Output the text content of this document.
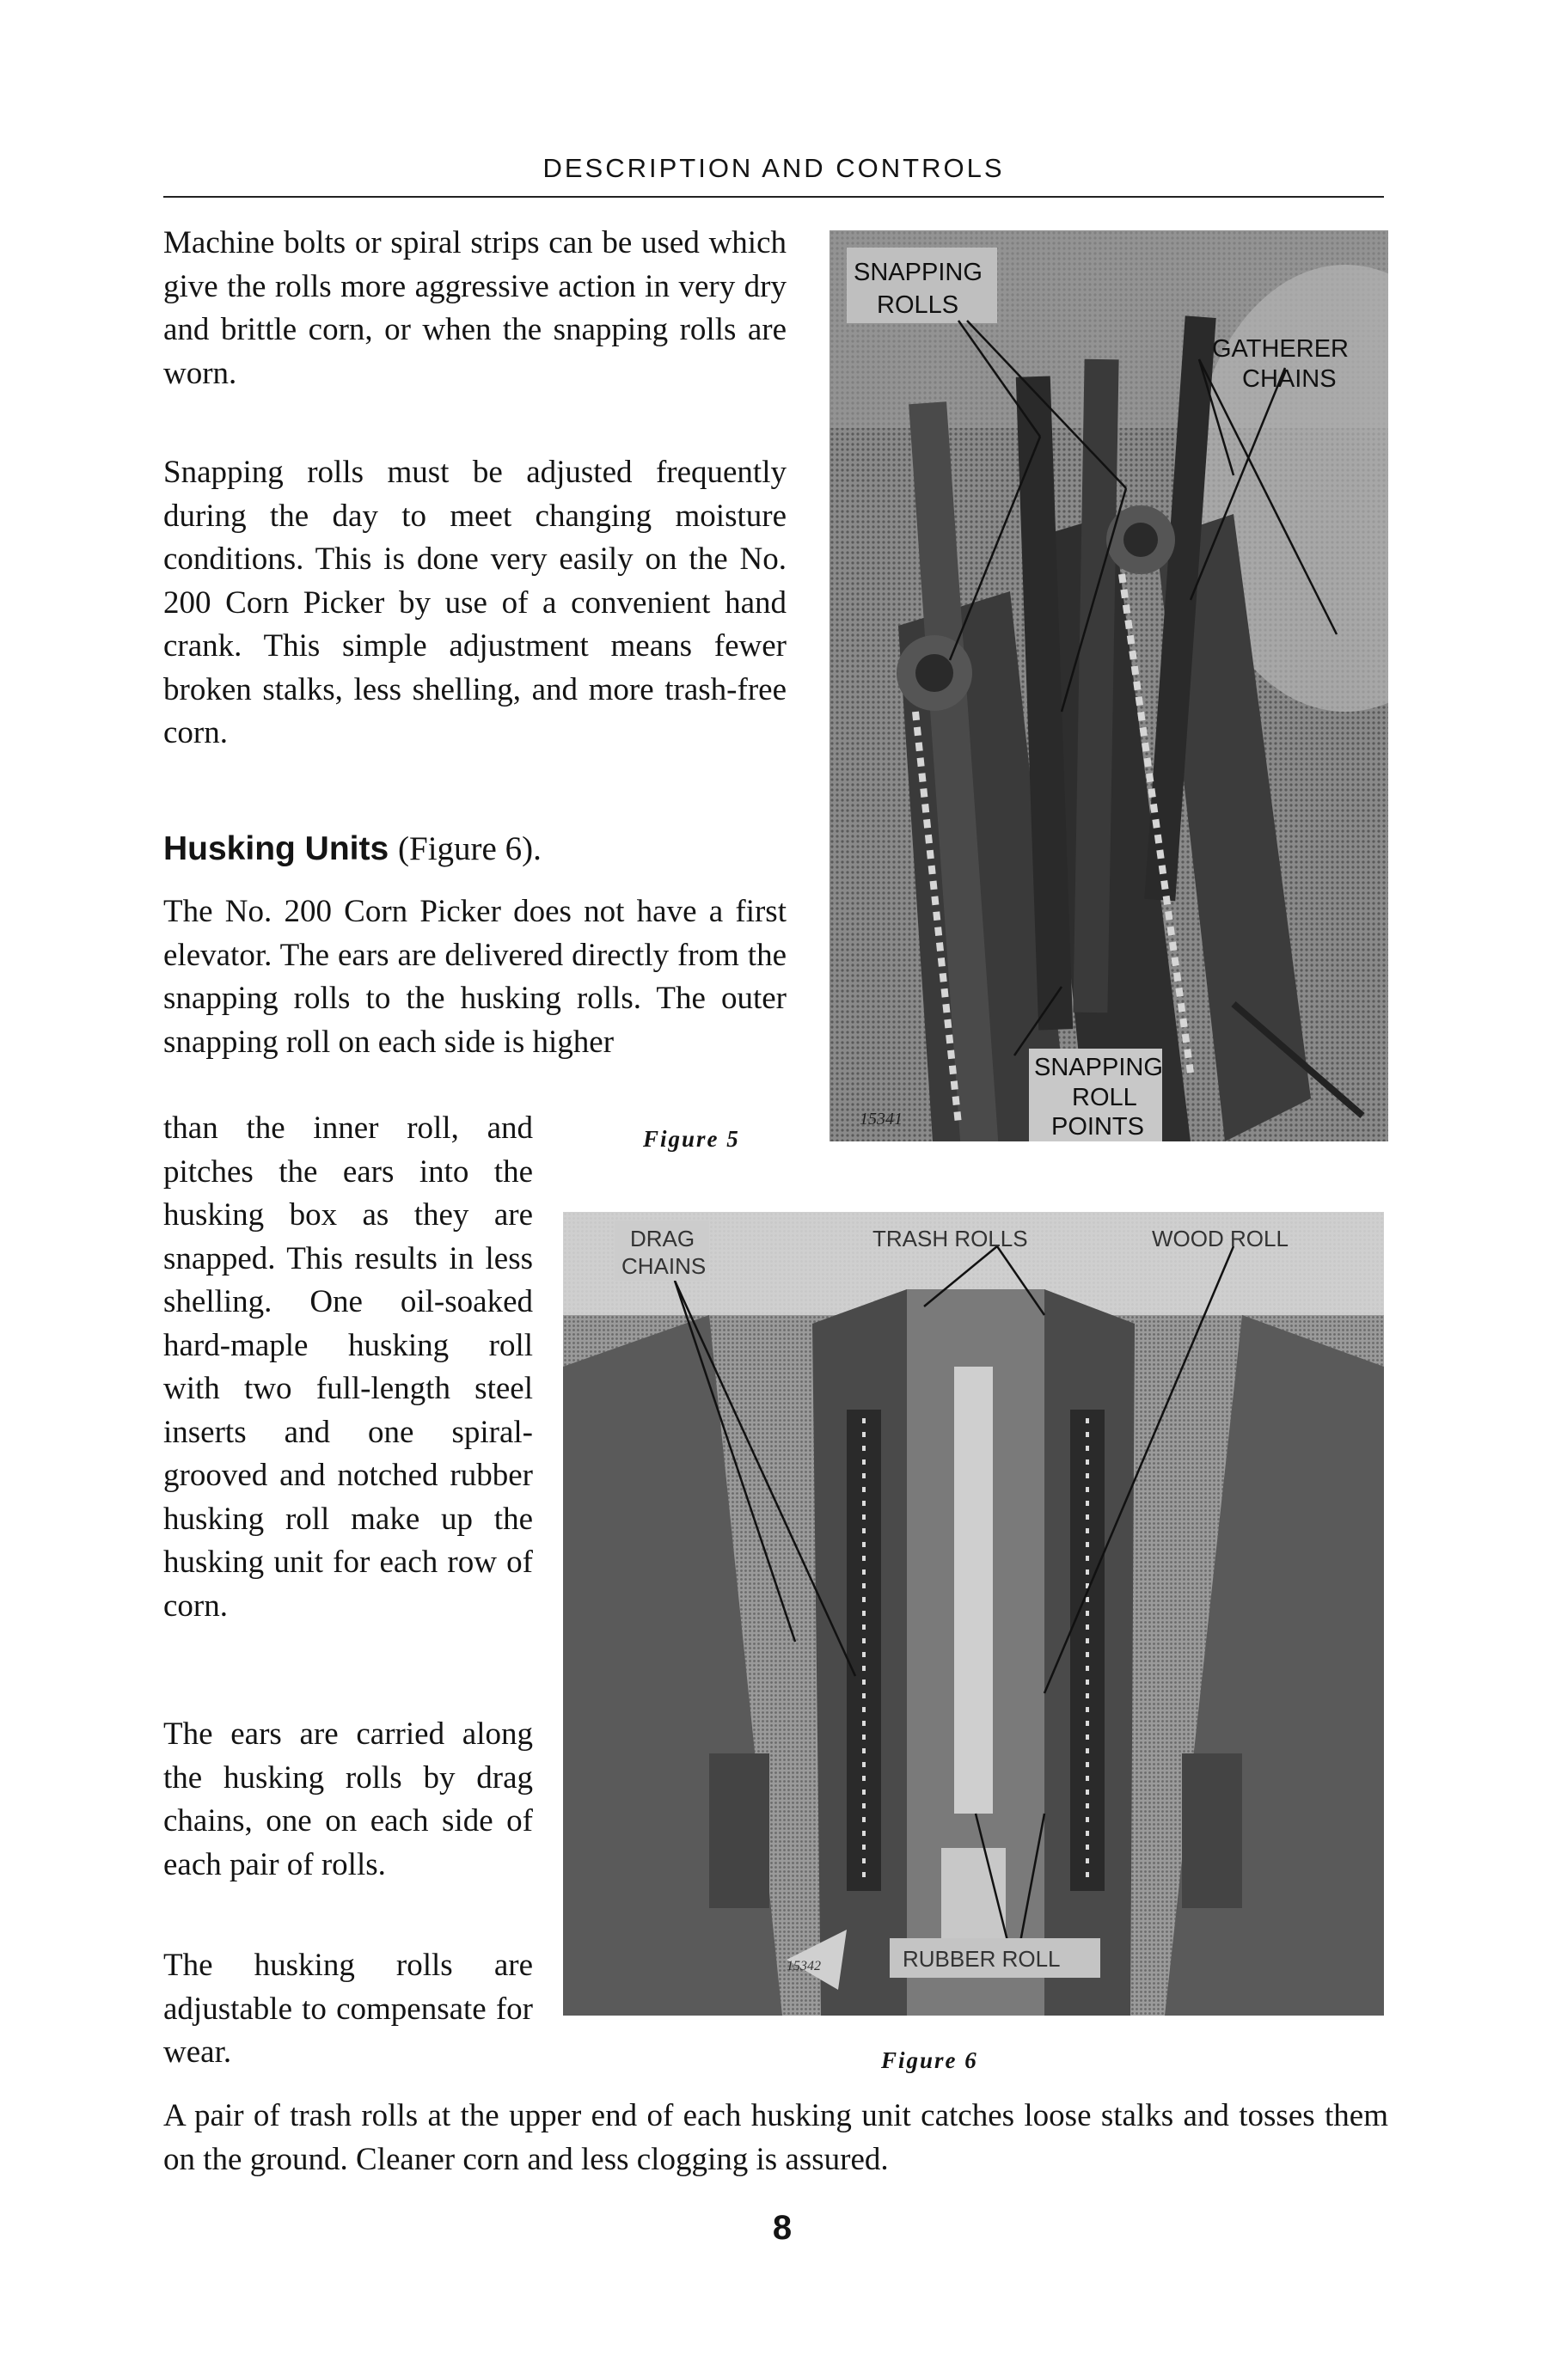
DESCRIPTION AND CONTROLS

Machine bolts or spiral strips can be used which give the rolls more aggressive action in very dry and brittle corn, or when the snapping rolls are worn.

Snapping rolls must be adjusted frequently during the day to meet changing moisture conditions. This is done very easily on the No. 200 Corn Picker by use of a convenient hand crank. This simple adjustment means fewer broken stalks, less shelling, and more trash-free corn.

Husking Units (Figure 6).

The No. 200 Corn Picker does not have a first elevator. The ears are delivered directly from the snapping rolls to the husking rolls. The outer snapping roll on each side is higher

than the inner roll, and pitches the ears into the husking box as they are snapped. This results in less shelling. One oil-soaked hard-maple husking roll with two full-length steel inserts and one spiral-grooved and notched rubber husking roll make up the husking unit for each row of corn.

The ears are carried along the husking rolls by drag chains, one on each side of each pair of rolls.

The husking rolls are adjustable to compensate for wear.

A pair of trash rolls at the upper end of each husking unit catches loose stalks and tosses them on the ground. Cleaner corn and less clogging is assured.

SNAPPING
ROLLS
GATHERER
CHAINS
SNAPPING
ROLL
POINTS
15341
Figure 5
DRAG
CHAINS
TRASH ROLLS	WOOD ROLL
RUBBER ROLL
15342
Figure 6
8
